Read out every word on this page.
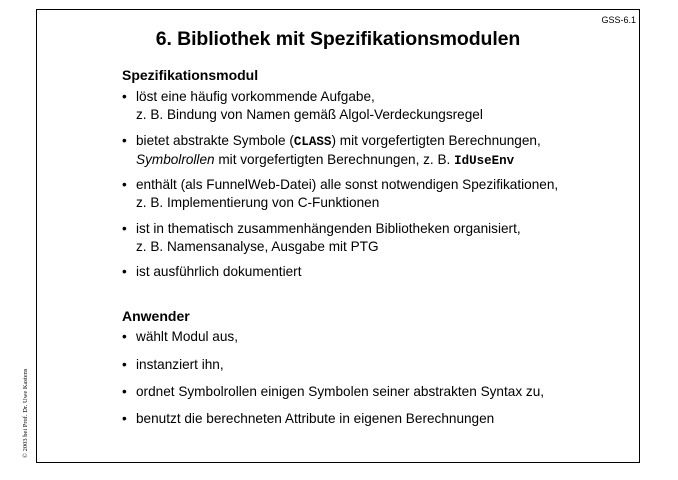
GSS-6.1
6. Bibliothek mit Spezifikationsmodulen
© 2003 bei Prof. Dr. Uwe Kastens
Spezifikationsmodul
• löst eine häufig vorkommende Aufgabe,
z. B. Bindung von Namen gemäß Algol-Verdeckungsregel
• bietet abstrakte Symbole (CLASS) mit vorgefertigten Berechnungen,
Symbolrollen mit vorgefertigten Berechnungen, z. B. IdUseEnv
• enthält (als FunnelWeb-Datei) alle sonst notwendigen Spezifikationen,
z. B. Implementierung von C-Funktionen
• ist in thematisch zusammenhängenden Bibliotheken organisiert,
z. B. Namensanalyse, Ausgabe mit PTG
• ist ausführlich dokumentiert
Anwender
• wählt Modul aus,
• instanziert ihn,
• ordnet Symbolrollen einigen Symbolen seiner abstrakten Syntax zu,
• benutzt die berechneten Attribute in eigenen Berechnungen
